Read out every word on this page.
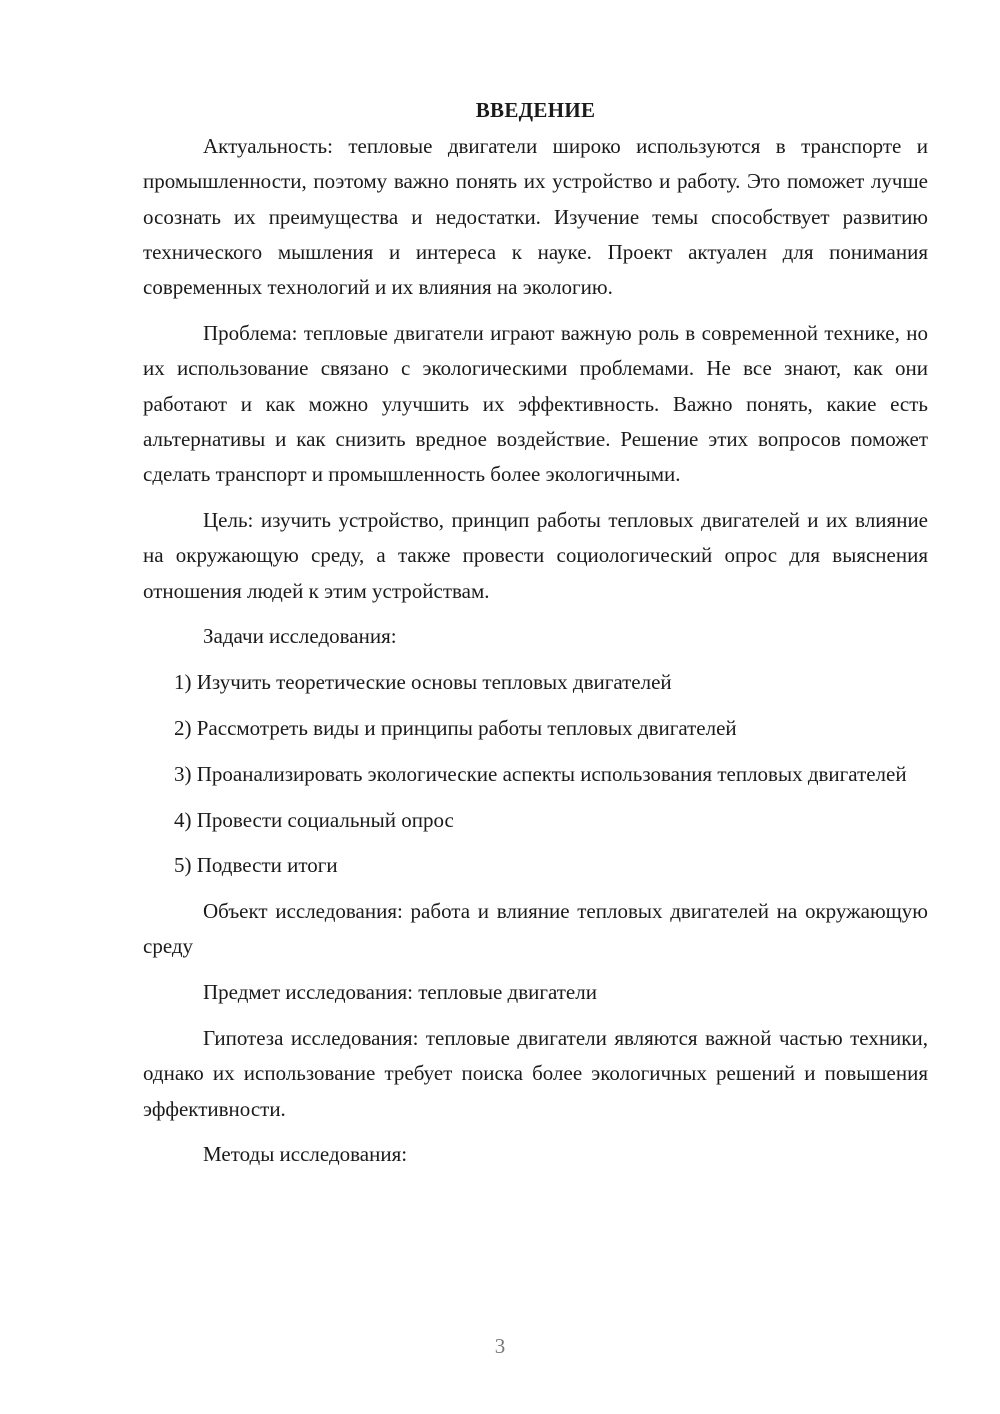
ВВЕДЕНИЕ

Актуальность: тепловые двигатели широко используются в транспорте и промышленности, поэтому важно понять их устройство и работу. Это поможет лучше осознать их преимущества и недостатки. Изучение темы способствует развитию технического мышления и интереса к науке. Проект актуален для понимания современных технологий и их влияния на экологию.

Проблема: тепловые двигатели играют важную роль в современной технике, но их использование связано с экологическими проблемами. Не все знают, как они работают и как можно улучшить их эффективность. Важно понять, какие есть альтернативы и как снизить вредное воздействие. Решение этих вопросов поможет сделать транспорт и промышленность более экологичными.

Цель: изучить устройство, принцип работы тепловых двигателей и их влияние на окружающую среду, а также провести социологический опрос для выяснения отношения людей к этим устройствам.

Задачи исследования:

1) Изучить теоретические основы тепловых двигателей

2) Рассмотреть виды и принципы работы тепловых двигателей

3) Проанализировать экологические аспекты использования тепловых двигателей

4) Провести социальный опрос

5) Подвести итоги

Объект исследования: работа и влияние тепловых двигателей на окружающую среду

Предмет исследования: тепловые двигатели

Гипотеза исследования: тепловые двигатели являются важной частью техники, однако их использование требует поиска более экологичных решений и повышения эффективности.

Методы исследования:

3
